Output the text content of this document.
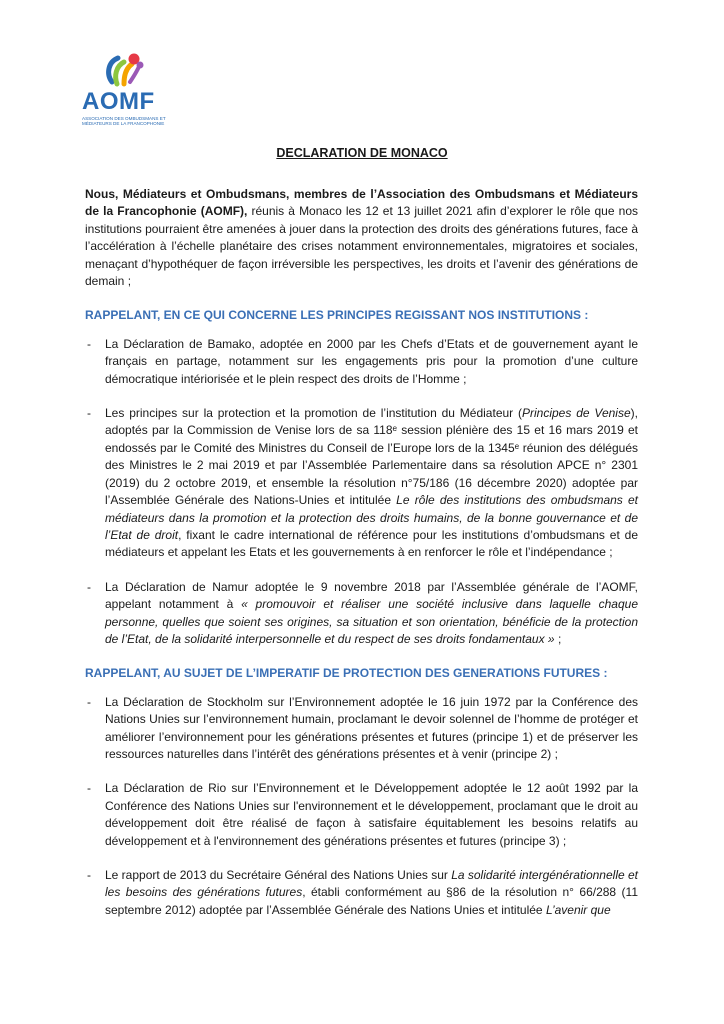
AOMF
ASSOCIATION DES OMBUDSMANS ET MÉDIATEURS DE LA FRANCOPHONIE
DECLARATION DE MONACO

Nous, Médiateurs et Ombudsmans, membres de l’Association des Ombudsmans et Médiateurs de la Francophonie (AOMF), réunis à Monaco les 12 et 13 juillet 2021 afin d’explorer le rôle que nos institutions pourraient être amenées à jouer dans la protection des droits des générations futures, face à l’accélération à l’échelle planétaire des crises notamment environnementales, migratoires et sociales, menaçant d’hypothéquer de façon irréversible les perspectives, les droits et l’avenir des générations de demain ;

RAPPELANT, EN CE QUI CONCERNE LES PRINCIPES REGISSANT NOS INSTITUTIONS :

- La Déclaration de Bamako, adoptée en 2000 par les Chefs d’Etats et de gouvernement ayant le français en partage, notamment sur les engagements pris pour la promotion d’une culture démocratique intériorisée et le plein respect des droits de l’Homme ;
- Les principes sur la protection et la promotion de l’institution du Médiateur (Principes de Venise), adoptés par la Commission de Venise lors de sa 118ᵉ session plénière des 15 et 16 mars 2019 et endossés par le Comité des Ministres du Conseil de l’Europe lors de la 1345ᵉ réunion des délégués des Ministres le 2 mai 2019 et par l’Assemblée Parlementaire dans sa résolution APCE n° 2301 (2019) du 2 octobre 2019, et ensemble la résolution n°75/186 (16 décembre 2020) adoptée par l’Assemblée Générale des Nations-Unies et intitulée Le rôle des institutions des ombudsmans et médiateurs dans la promotion et la protection des droits humains, de la bonne gouvernance et de l’Etat de droit, fixant le cadre international de référence pour les institutions d’ombudsmans et de médiateurs et appelant les Etats et les gouvernements à en renforcer le rôle et l’indépendance ;
- La Déclaration de Namur adoptée le 9 novembre 2018 par l’Assemblée générale de l’AOMF, appelant notamment à « promouvoir et réaliser une société inclusive dans laquelle chaque personne, quelles que soient ses origines, sa situation et son orientation, bénéficie de la protection de l’Etat, de la solidarité interpersonnelle et du respect de ses droits fondamentaux » ;

RAPPELANT, AU SUJET DE L’IMPERATIF DE PROTECTION DES GENERATIONS FUTURES :

- La Déclaration de Stockholm sur l’Environnement adoptée le 16 juin 1972 par la Conférence des Nations Unies sur l’environnement humain, proclamant le devoir solennel de l’homme de protéger et améliorer l’environnement pour les générations présentes et futures (principe 1) et de préserver les ressources naturelles dans l’intérêt des générations présentes et à venir (principe 2) ;
- La Déclaration de Rio sur l’Environnement et le Développement adoptée le 12 août 1992 par la Conférence des Nations Unies sur l'environnement et le développement, proclamant que le droit au développement doit être réalisé de façon à satisfaire équitablement les besoins relatifs au développement et à l'environnement des générations présentes et futures (principe 3) ;
- Le rapport de 2013 du Secrétaire Général des Nations Unies sur La solidarité intergénérationnelle et les besoins des générations futures, établi conformément au §86 de la résolution n° 66/288 (11 septembre 2012) adoptée par l’Assemblée Générale des Nations Unies et intitulée L’avenir que
